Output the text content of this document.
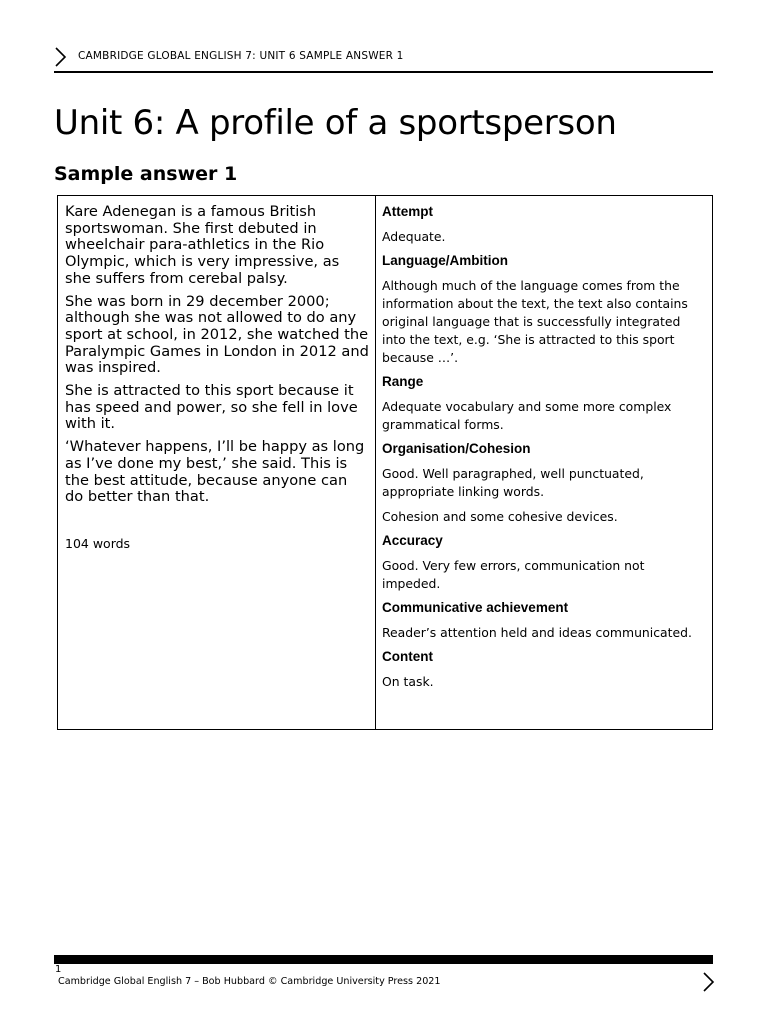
CAMBRIDGE GLOBAL ENGLISH 7: UNIT 6 SAMPLE ANSWER 1
Unit 6: A profile of a sportsperson
Sample answer 1

Kare Adenegan is a famous British sportswoman. She first debuted in wheelchair para-athletics in the Rio Olympic, which is very impressive, as she suffers from cerebal palsy.

She was born in 29 december 2000; although she was not allowed to do any sport at school, in 2012, she watched the Paralympic Games in London in 2012 and was inspired.

She is attracted to this sport because it has speed and power, so she fell in love with it.

‘Whatever happens, I’ll be happy as long as I’ve done my best,’ she said. This is the best attitude, because anyone can do better than that.

104 words
Attempt
Adequate.
Language/Ambition
Although much of the language comes from the information about the text, the text also contains original language that is successfully integrated into the text, e.g. ‘She is attracted to this sport because …’.
Range
Adequate vocabulary and some more complex grammatical forms.
Organisation/Cohesion
Good. Well paragraphed, well punctuated, appropriate linking words.
Cohesion and some cohesive devices.
Accuracy
Good. Very few errors, communication not impeded.
Communicative achievement
Reader’s attention held and ideas communicated.
Content
On task.
1
Cambridge Global English 7 – Bob Hubbard © Cambridge University Press 2021
